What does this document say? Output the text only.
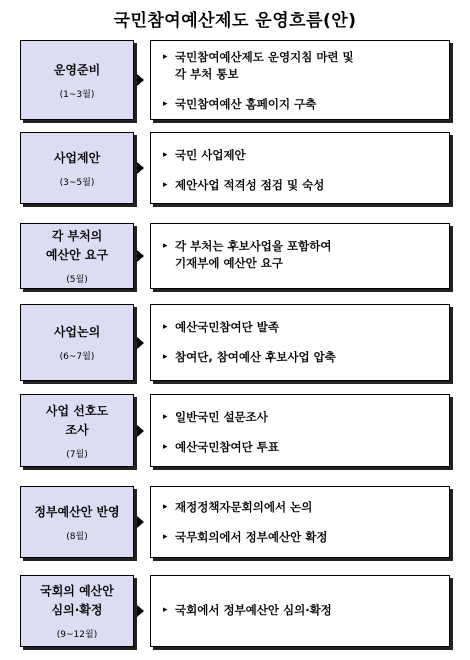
국민참여예산제도 운영흐름(안)
운영준비
(1~3월)
▸ 국민참여예산제도 운영지침 마련 및
각 부처 통보
▸ 국민참여예산 홈페이지 구축
사업제안
(3~5월)
▸ 국민 사업제안
▸ 제안사업 적격성 점검 및 숙성
각 부처의
예산안 요구
(5월)
▸ 각 부처는 후보사업을 포함하여
기재부에 예산안 요구
사업논의
(6~7월)
▸ 예산국민참여단 발족
▸ 참여단, 참여예산 후보사업 압축
사업 선호도
조사
(7월)
▸ 일반국민 설문조사
▸ 예산국민참여단 투표
정부예산안 반영
(8월)
▸ 재정정책자문회의에서 논의
▸ 국무회의에서 정부예산안 확정
국회의 예산안
심의·확정
(9~12월)
▸ 국회에서 정부예산안 심의·확정
